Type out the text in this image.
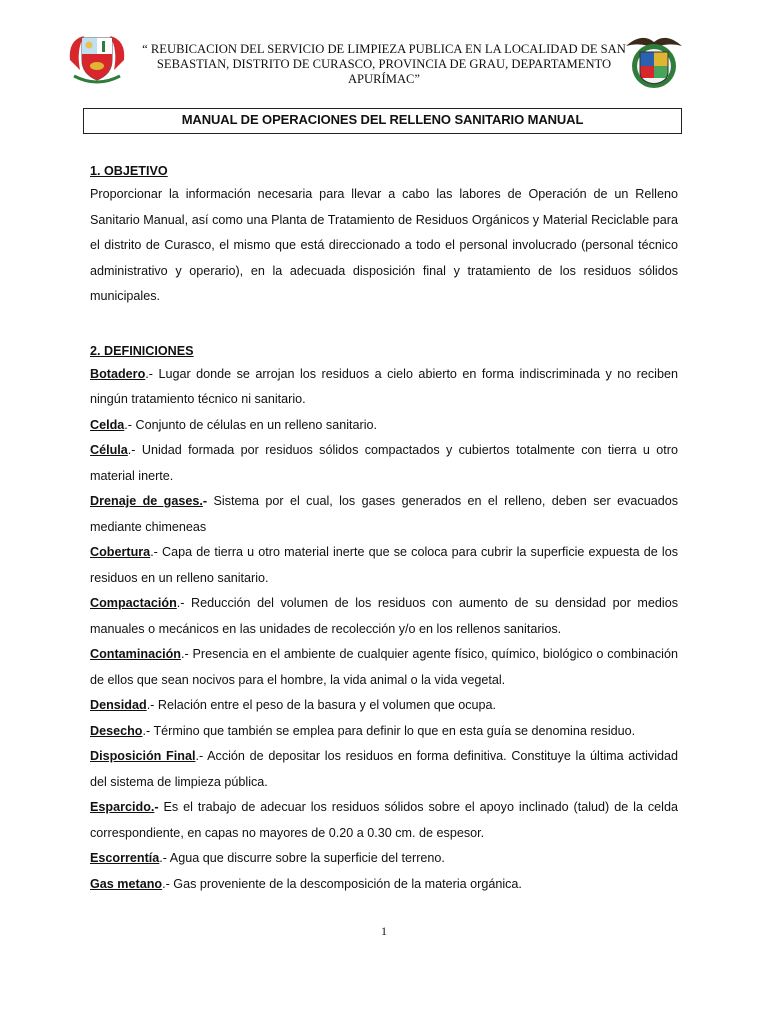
“ REUBICACION DEL SERVICIO DE LIMPIEZA PUBLICA EN LA LOCALIDAD DE SAN SEBASTIAN, DISTRITO DE CURASCO, PROVINCIA DE GRAU, DEPARTAMENTO APURÍMAC”
MANUAL DE OPERACIONES DEL RELLENO SANITARIO MANUAL

1. OBJETIVO

Proporcionar la información necesaria para llevar a cabo las labores de Operación de un Relleno Sanitario Manual, así como una Planta de Tratamiento de Residuos Orgánicos y Material Reciclable para el distrito de Curasco, el mismo que está direccionado a todo el personal involucrado (personal técnico administrativo y operario), en la adecuada disposición final y tratamiento de los residuos sólidos municipales.

2. DEFINICIONES

Botadero.- Lugar donde se arrojan los residuos a cielo abierto en forma indiscriminada y no reciben ningún tratamiento técnico ni sanitario.

Celda.- Conjunto de células en un relleno sanitario.

Célula.- Unidad formada por residuos sólidos compactados y cubiertos totalmente con tierra u otro material inerte.

Drenaje de gases.- Sistema por el cual, los gases generados en el relleno, deben ser evacuados mediante chimeneas

Cobertura.- Capa de tierra u otro material inerte que se coloca para cubrir la superficie expuesta de los residuos en un relleno sanitario.

Compactación.- Reducción del volumen de los residuos con aumento de su densidad por medios manuales o mecánicos en las unidades de recolección y/o en los rellenos sanitarios.

Contaminación.- Presencia en el ambiente de cualquier agente físico, químico, biológico o combinación de ellos que sean nocivos para el hombre, la vida animal o la vida vegetal.

Densidad.- Relación entre el peso de la basura y el volumen que ocupa.

Desecho.- Término que también se emplea para definir lo que en esta guía se denomina residuo.

Disposición Final.- Acción de depositar los residuos en forma definitiva. Constituye la última actividad del sistema de limpieza pública.

Esparcido.- Es el trabajo de adecuar los residuos sólidos sobre el apoyo inclinado (talud) de la celda correspondiente, en capas no mayores de 0.20 a 0.30 cm. de espesor.

Escorrentía.- Agua que discurre sobre la superficie del terreno.

Gas metano.- Gas proveniente de la descomposición de la materia orgánica.

1
